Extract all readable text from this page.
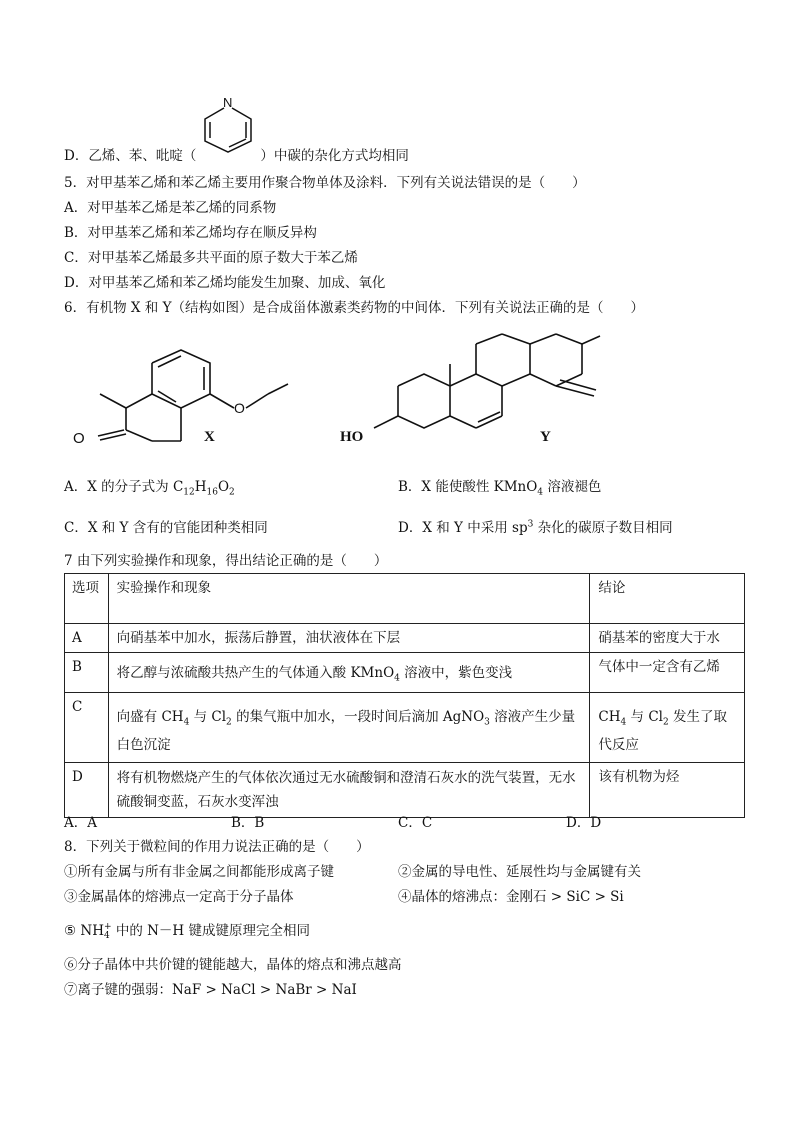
N
D．乙烯、苯、吡啶（	）中碳的杂化方式均相同
5．对甲基苯乙烯和苯乙烯主要用作聚合物单体及涂料．下列有关说法错误的是（　　）
A．对甲基苯乙烯是苯乙烯的同系物
B．对甲基苯乙烯和苯乙烯均存在顺反异构
C．对甲基苯乙烯最多共平面的原子数大于苯乙烯
D．对甲基苯乙烯和苯乙烯均能发生加聚、加成、氧化
6．有机物 X 和 Y（结构如图）是合成甾体激素类药物的中间体．下列有关说法正确的是（　　）
O
O	X	HO	Y
A．X 的分子式为 $C_{12}H_{16}O_2$	B．X 能使酸性 KMnO$_4$ 溶液褪色
C．X 和 Y 含有的官能团种类相同	D．X 和 Y 中采用 $sp^3$ 杂化的碳原子数目相同
7 由下列实验操作和现象，得出结论正确的是（　　）
选项	实验操作和现象	结论
A	向硝基苯中加水，振荡后静置，油状液体在下层	硝基苯的密度大于水
B	将乙醇与浓硫酸共热产生的气体通入酸 KMnO$_4$ 溶液中，紫色变浅	气体中一定含有乙烯
C	向盛有 $CH_4$ 与 $Cl_2$ 的集气瓶中加水，一段时间后滴加 AgNO$_3$ 溶液产生少量白色沉淀	$CH_4$ 与 $Cl_2$ 发生了取代反应
D	将有机物燃烧产生的气体依次通过无水硫酸铜和澄清石灰水的洗气装置，无水硫酸铜变蓝，石灰水变浑浊	该有机物为烃
A．A	B．B	C．C	D．D
8．下列关于微粒间的作用力说法正确的是（　　）
①所有金属与所有非金属之间都能形成离子键	②金属的导电性、延展性均与金属键有关
③金属晶体的熔沸点一定高于分子晶体	④晶体的熔沸点：金刚石 > SiC > Si
⑤ NH +
4 中的 N－H 键成键原理完全相同
⑥分子晶体中共价键的键能越大，晶体的熔点和沸点越高
⑦离子键的强弱：NaF > NaCl > NaBr > NaI
